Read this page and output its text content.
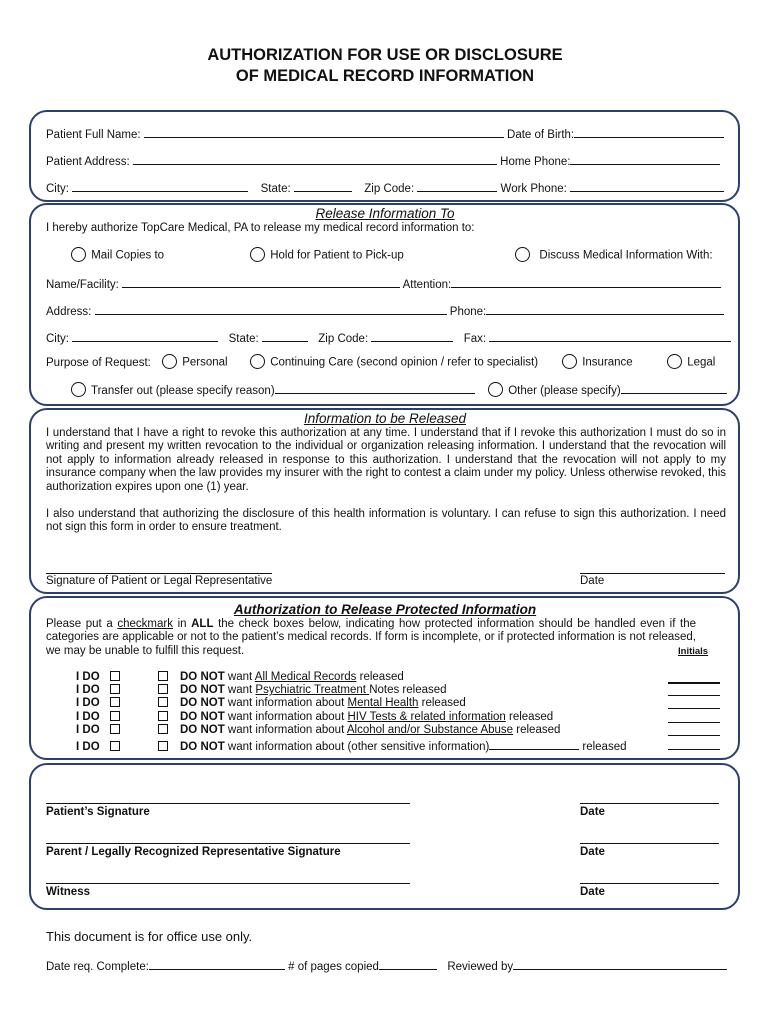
AUTHORIZATION FOR USE OR DISCLOSURE
OF MEDICAL RECORD INFORMATION
Patient Full Name:	Date of Birth:
Patient Address:	Home Phone:
City:	State:	Zip Code:	Work Phone:
Release Information To
I hereby authorize TopCare Medical, PA to release my medical record information to:
Mail Copies to	Hold for Patient to Pick-up	Discuss Medical Information With:
Name/Facility:	Attention:
Address:	Phone:
City:	State:	Zip Code:	Fax:
Purpose of Request:	Personal	Continuing Care (second opinion / refer to specialist)	Insurance	Legal
Transfer out (please specify reason)	Other (please specify)
Information to be Released
I understand that I have a right to revoke this authorization at any time. I understand that if I revoke this authorization I must do so in writing and present my written revocation to the individual or organization releasing information. I understand that the revocation will not apply to information already released in response to this authorization. I understand that the revocation will not apply to my insurance company when the law provides my insurer with the right to contest a claim under my policy. Unless otherwise revoked, this authorization expires upon one (1) year.
I also understand that authorizing the disclosure of this health information is voluntary. I can refuse to sign this authorization. I need not sign this form in order to ensure treatment.
Signature of Patient or Legal Representative	Date
Authorization to Release Protected Information
Please put a checkmark in ALL the check boxes below, indicating how protected information should be handled even if the categories are applicable or not to the patient’s medical records. If form is incomplete, or if protected information is not released, we may be unable to fulfill this request.	Initials
I DO	DO NOT want All Medical Records released
I DO	DO NOT want Psychiatric Treatment Notes released
I DO	DO NOT want information about Mental Health released
I DO	DO NOT want information about HIV Tests & related information released
I DO	DO NOT want information about Alcohol and/or Substance Abuse released
I DO	DO NOT want information about (other sensitive information)	released
Patient’s Signature	Date
Parent / Legally Recognized Representative Signature	Date
Witness	Date
This document is for office use only.
Date req. Complete:	# of pages copied	Reviewed by
